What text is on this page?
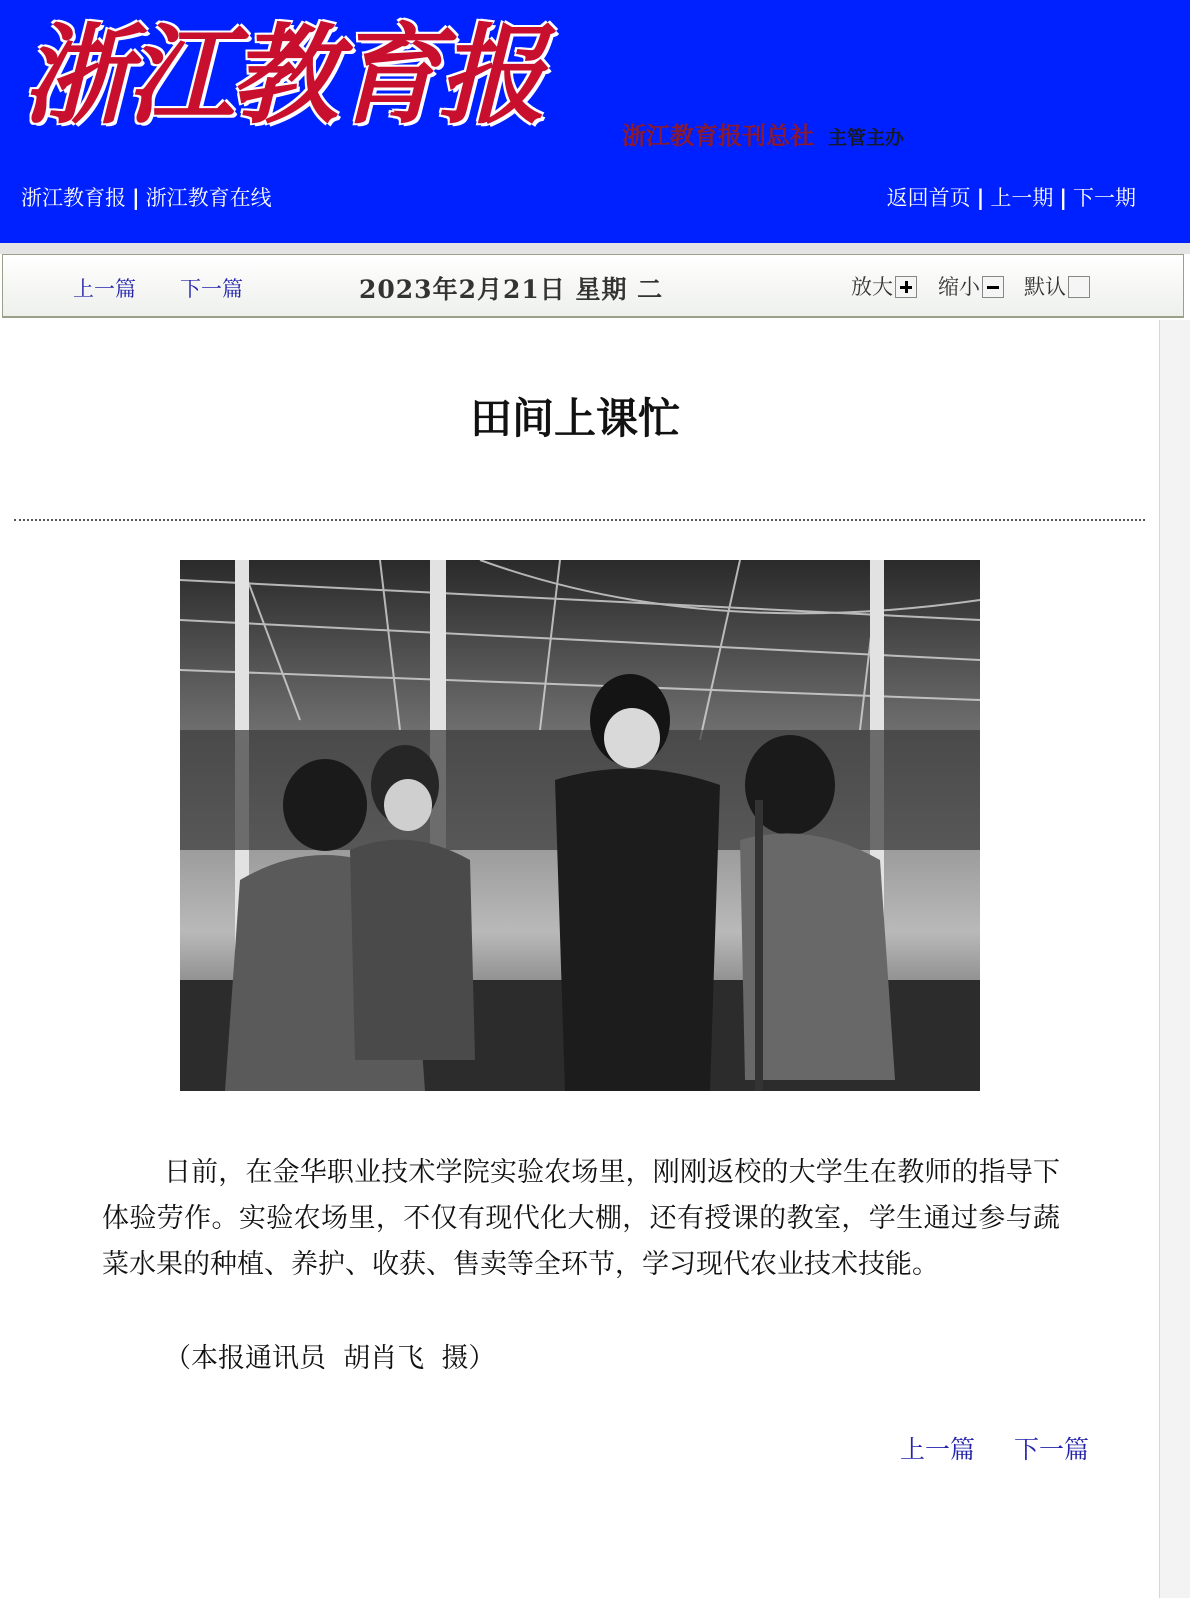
浙江教育报	浙江教育报刊总社 主管主办
浙江教育报 | 浙江教育在线	返回首页 | 上一期 | 下一期
上一篇 下一篇	2023年2月21日 星期 二	放大	缩小	默认
田间上课忙

日前，在金华职业技术学院实验农场里，刚刚返校的大学生在教师的指导下体验劳作。实验农场里，不仅有现代化大棚，还有授课的教室，学生通过参与蔬菜水果的种植、养护、收获、售卖等全环节，学习现代农业技术技能。

（本报通讯员  胡肖飞  摄）
上一篇 下一篇
